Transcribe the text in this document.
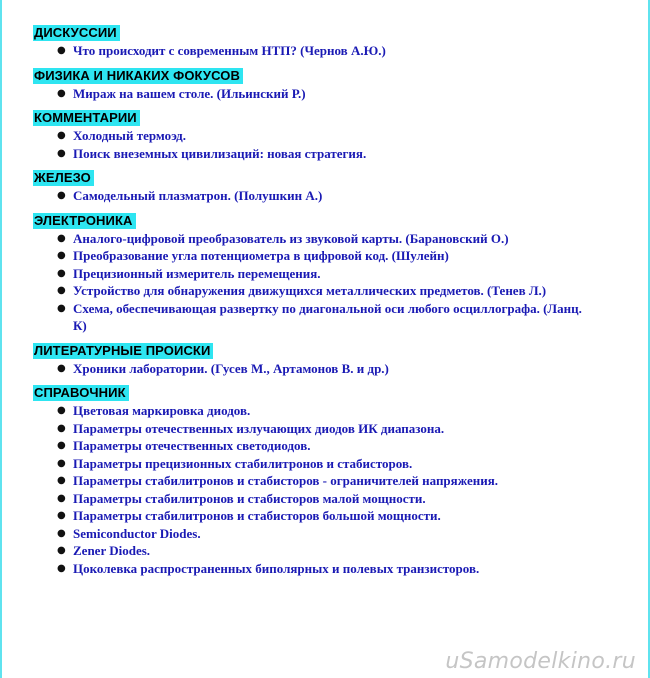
ДИСКУССИИ
● Что происходит с современным НТП? (Чернов А.Ю.)
ФИЗИКА И НИКАКИХ ФОКУСОВ
● Мираж на вашем столе. (Ильинский Р.)
КОММЕНТАРИИ
● Холодный термоэд.
● Поиск внеземных цивилизаций: новая стратегия.
ЖЕЛЕЗО
● Самодельный плазматрон. (Полушкин А.)
ЭЛЕКТРОНИКА
● Аналого-цифровой преобразователь из звуковой карты. (Барановский О.)
● Преобразование угла потенциометра в цифровой код. (Шулейн)
● Прецизионный измеритель перемещения.
● Устройство для обнаружения движущихся металлических предметов. (Тенев Л.)
● Схема, обеспечивающая развертку по диагональной оси любого осциллографа. (Ланц. К)
ЛИТЕРАТУРНЫЕ ПРОИСКИ
● Хроники лаборатории. (Гусев М., Артамонов В. и др.)
СПРАВОЧНИК
● Цветовая маркировка диодов.
● Параметры отечественных излучающих диодов ИК диапазона.
● Параметры отечественных светодиодов.
● Параметры прецизионных стабилитронов и стабисторов.
● Параметры стабилитронов и стабисторов - ограничителей напряжения.
● Параметры стабилитронов и стабисторов малой мощности.
● Параметры стабилитронов и стабисторов большой мощности.
● Semiconductor Diodes.
● Zener Diodes.
● Цоколевка распространенных биполярных и полевых транзисторов.
uSamodelkino.ru
